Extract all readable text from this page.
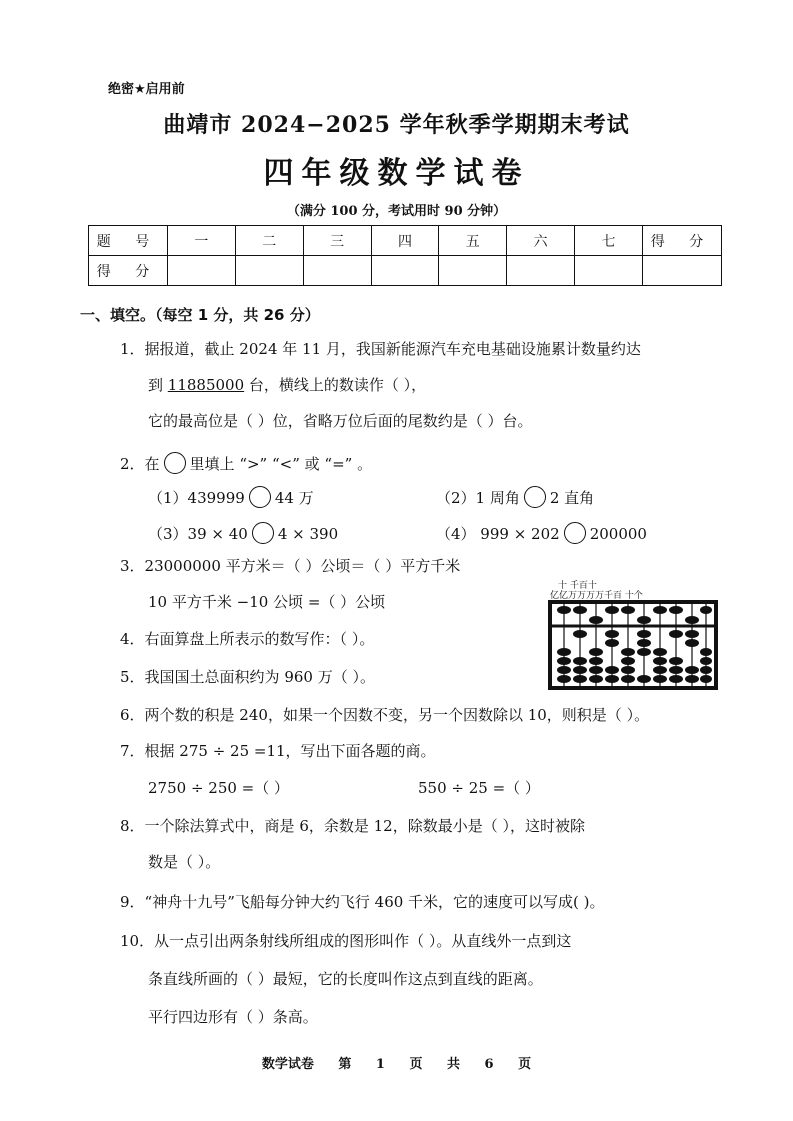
绝密★启用前
曲靖市 2024−2025 学年秋季学期期末考试
四年级数学试卷
（满分 100 分，考试用时 90 分钟）
题 号	一	二	三	四	五	六	七	得 分
得 分								
一、填空。（每空 1 分，共 26 分）
1．据报道，截止 2024 年 11 月，我国新能源汽车充电基础设施累计数量约达
到 11885000 台，横线上的数读作（ ），
它的最高位是（ ）位，省略万位后面的尾数约是（ ）台。
2．在 里填上 “>” “<” 或 “=” 。
（1）439999 44 万	（2）1 周角 2 直角
（3）39 × 40 4 × 390	（4） 999 × 202 200000
3．23000000 平方米＝（ ）公顷＝（ ）平方千米
10 平方千米 −10 公顷 =（ ）公顷
4．右面算盘上所表示的数写作：（ ）。
十 千百十
亿亿万万万万千百 十个
5．我国国土总面积约为 960 万（ ）。
6．两个数的积是 240，如果一个因数不变，另一个因数除以 10，则积是（ ）。
7．根据 275 ÷ 25 =11，写出下面各题的商。
2750 ÷ 250 =（ ）	550 ÷ 25 =（ ）
8．一个除法算式中，商是 6，余数是 12，除数最小是（ ），这时被除
数是（ ）。
9．“神舟十九号”飞船每分钟大约飞行 460 千米，它的速度可以写成( )。
10．从一点引出两条射线所组成的图形叫作（ ）。从直线外一点到这
条直线所画的（ ）最短，它的长度叫作这点到直线的距离。
平行四边形有（ ）条高。
数学试卷 第 1 页 共 6 页
